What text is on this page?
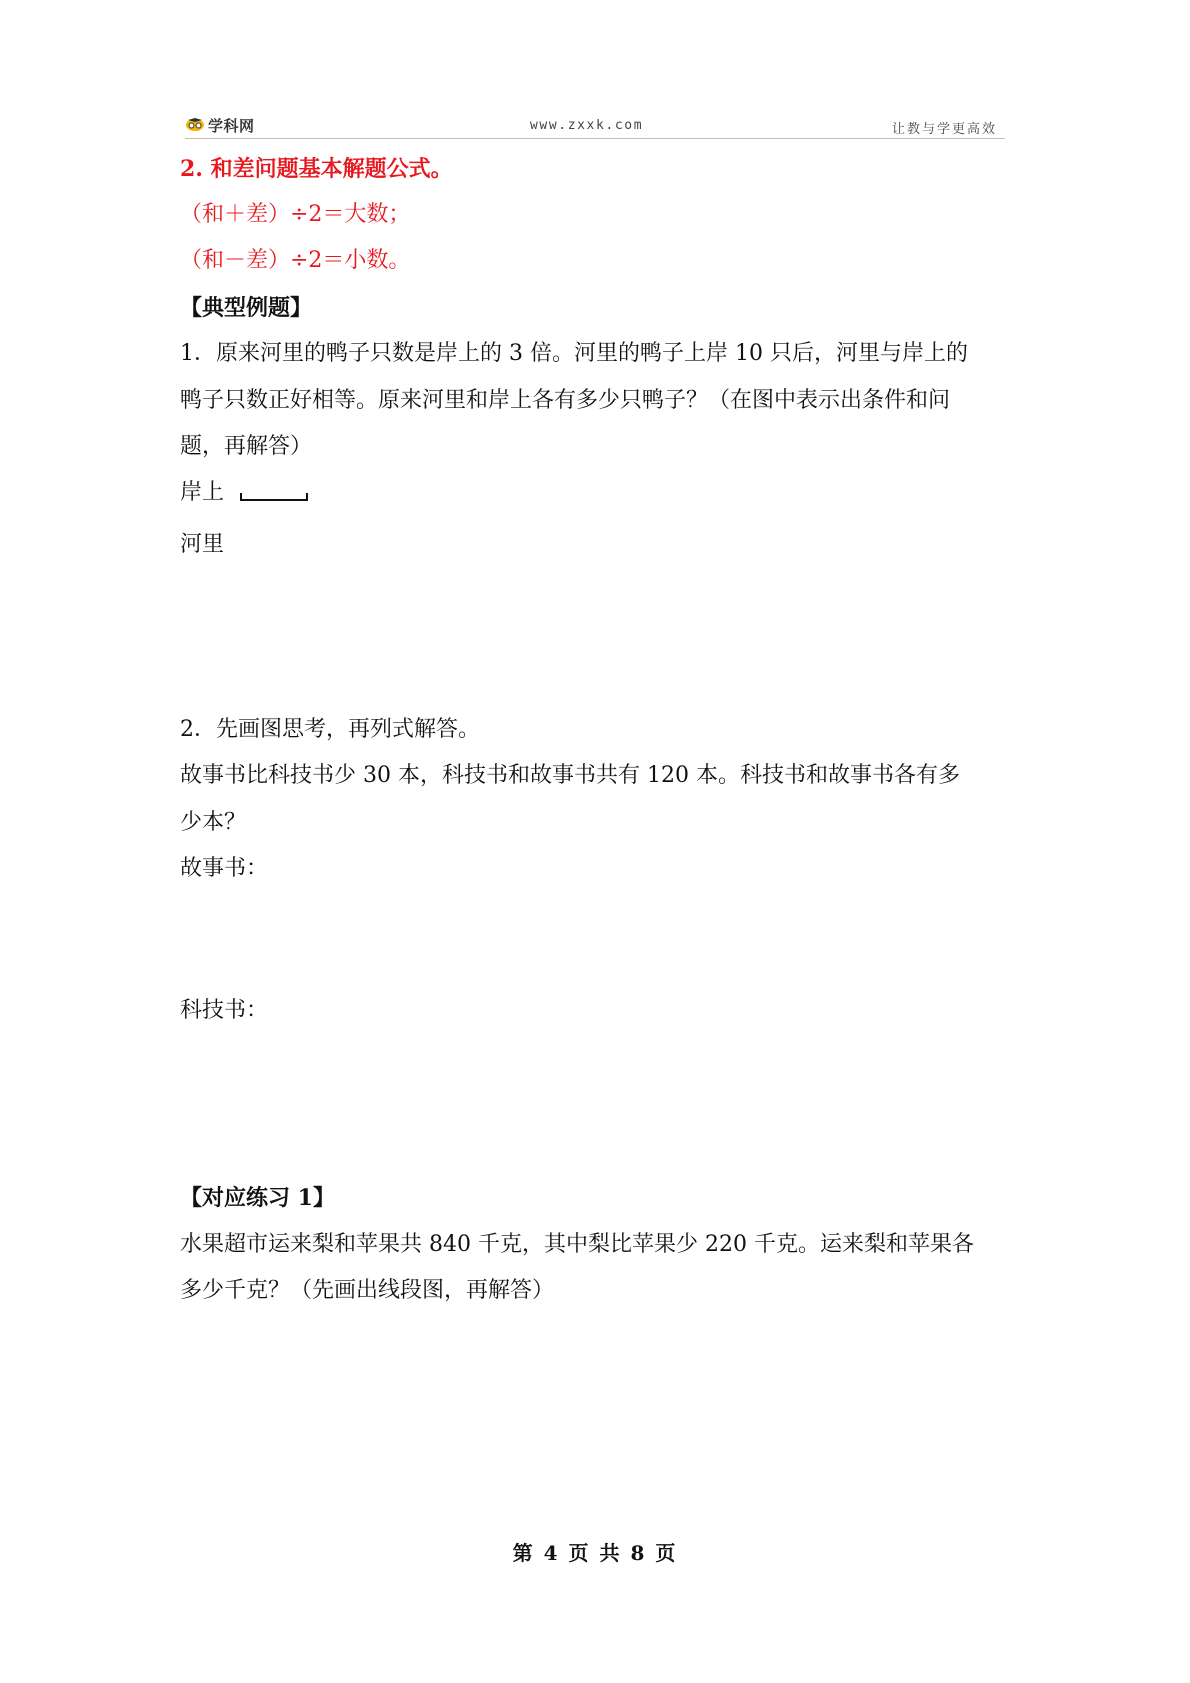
学科网	www.zxxk.com	让教与学更高效
2. 和差问题基本解题公式。
（和＋差）÷2＝大数；
（和－差）÷2＝小数。
【典型例题】
1．原来河里的鸭子只数是岸上的 3 倍。河里的鸭子上岸 10 只后，河里与岸上的
鸭子只数正好相等。原来河里和岸上各有多少只鸭子？（在图中表示出条件和问
题，再解答）
岸上
河里
2．先画图思考，再列式解答。
故事书比科技书少 30 本，科技书和故事书共有 120 本。科技书和故事书各有多
少本？
故事书：
科技书：
【对应练习 1】
水果超市运来梨和苹果共 840 千克，其中梨比苹果少 220 千克。运来梨和苹果各
多少千克？（先画出线段图，再解答）
第 4 页 共 8 页
